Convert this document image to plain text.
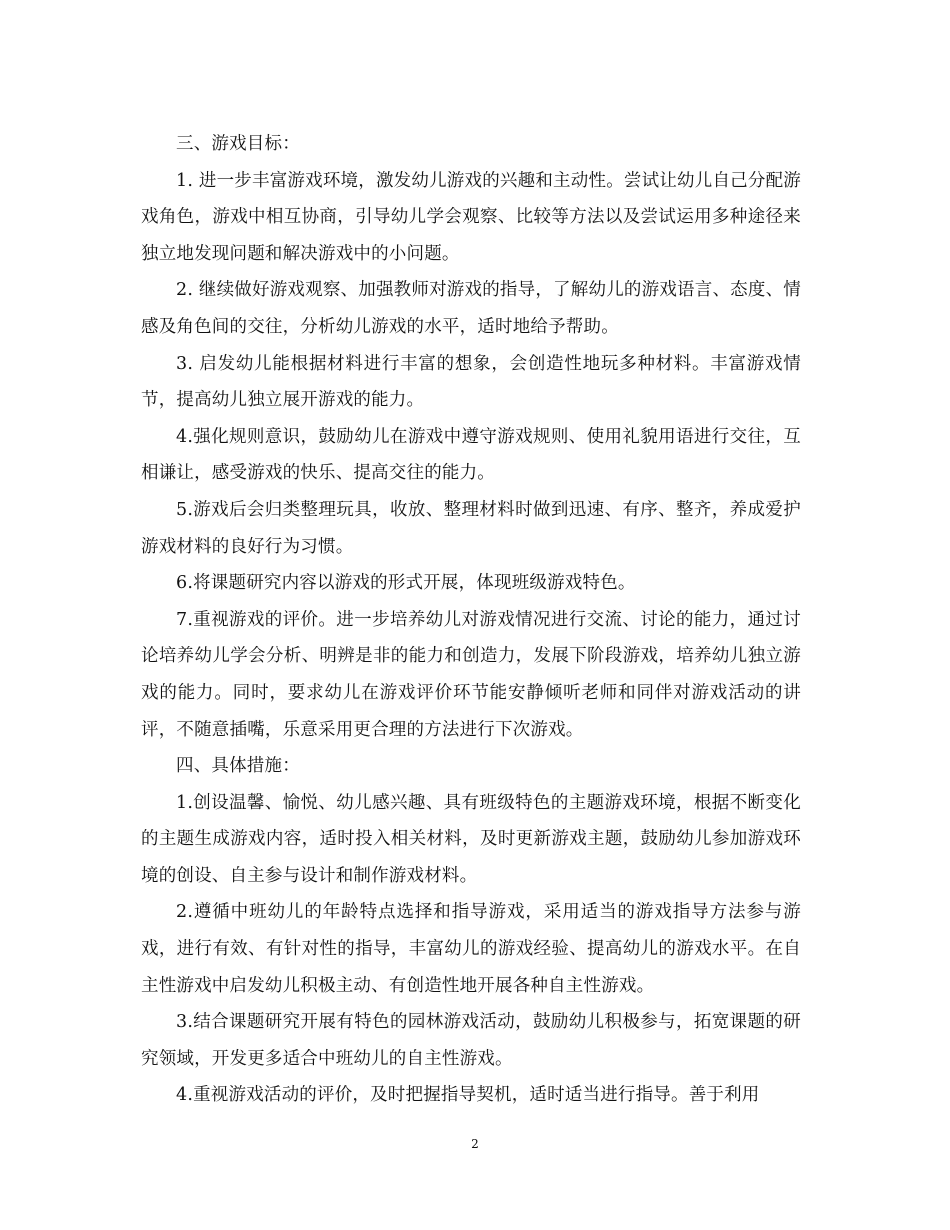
三、游戏目标：

1. 进一步丰富游戏环境，激发幼儿游戏的兴趣和主动性。尝试让幼儿自己分配游戏角色，游戏中相互协商，引导幼儿学会观察、比较等方法以及尝试运用多种途径来独立地发现问题和解决游戏中的小问题。

2. 继续做好游戏观察、加强教师对游戏的指导，了解幼儿的游戏语言、态度、情感及角色间的交往，分析幼儿游戏的水平，适时地给予帮助。

3. 启发幼儿能根据材料进行丰富的想象，会创造性地玩多种材料。丰富游戏情节，提高幼儿独立展开游戏的能力。

4.强化规则意识，鼓励幼儿在游戏中遵守游戏规则、使用礼貌用语进行交往，互相谦让，感受游戏的快乐、提高交往的能力。

5.游戏后会归类整理玩具，收放、整理材料时做到迅速、有序、整齐，养成爱护游戏材料的良好行为习惯。

6.将课题研究内容以游戏的形式开展，体现班级游戏特色。

7.重视游戏的评价。进一步培养幼儿对游戏情况进行交流、讨论的能力，通过讨论培养幼儿学会分析、明辨是非的能力和创造力，发展下阶段游戏，培养幼儿独立游戏的能力。同时，要求幼儿在游戏评价环节能安静倾听老师和同伴对游戏活动的讲评，不随意插嘴，乐意采用更合理的方法进行下次游戏。

四、具体措施：

1.创设温馨、愉悦、幼儿感兴趣、具有班级特色的主题游戏环境，根据不断变化的主题生成游戏内容，适时投入相关材料，及时更新游戏主题，鼓励幼儿参加游戏环境的创设、自主参与设计和制作游戏材料。

2.遵循中班幼儿的年龄特点选择和指导游戏，采用适当的游戏指导方法参与游戏，进行有效、有针对性的指导，丰富幼儿的游戏经验、提高幼儿的游戏水平。在自主性游戏中启发幼儿积极主动、有创造性地开展各种自主性游戏。

3.结合课题研究开展有特色的园林游戏活动，鼓励幼儿积极参与，拓宽课题的研究领域，开发更多适合中班幼儿的自主性游戏。

4.重视游戏活动的评价，及时把握指导契机，适时适当进行指导。善于利用

2
